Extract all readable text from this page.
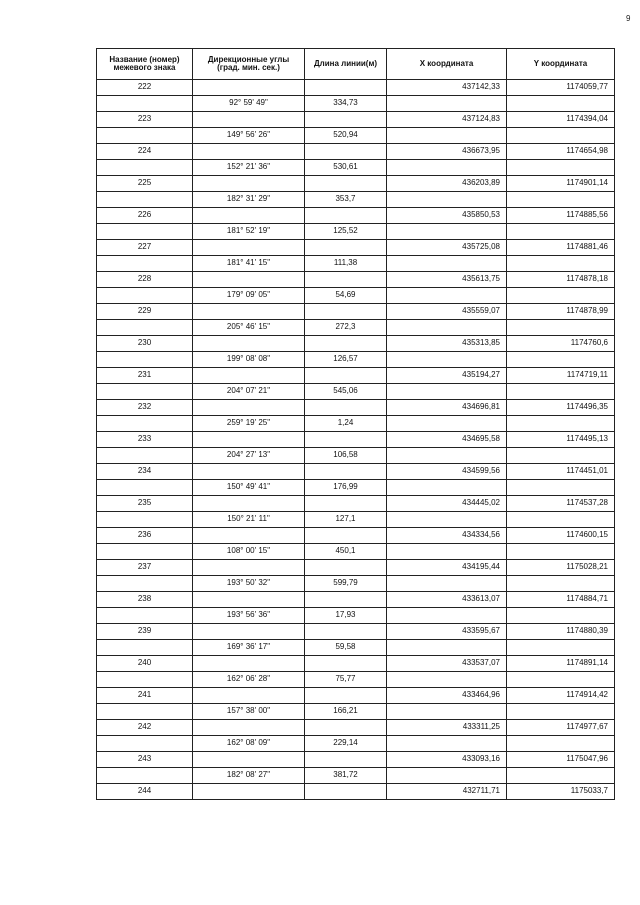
9
Название (номер) межевого знака	Дирекционные углы (град. мин. сек.)	Длина линии(м)	X координата	Y координата
222			437142,33	1174059,77
	92° 59' 49"	334,73		
223			437124,83	1174394,04
	149° 56' 26"	520,94		
224			436673,95	1174654,98
	152° 21' 36"	530,61		
225			436203,89	1174901,14
	182° 31' 29"	353,7		
226			435850,53	1174885,56
	181° 52' 19"	125,52		
227			435725,08	1174881,46
	181° 41' 15"	111,38		
228			435613,75	1174878,18
	179° 09' 05"	54,69		
229			435559,07	1174878,99
	205° 46' 15"	272,3		
230			435313,85	1174760,6
	199° 08' 08"	126,57		
231			435194,27	1174719,11
	204° 07' 21"	545,06		
232			434696,81	1174496,35
	259° 19' 25"	1,24		
233			434695,58	1174495,13
	204° 27' 13"	106,58		
234			434599,56	1174451,01
	150° 49' 41"	176,99		
235			434445,02	1174537,28
	150° 21' 11"	127,1		
236			434334,56	1174600,15
	108° 00' 15"	450,1		
237			434195,44	1175028,21
	193° 50' 32"	599,79		
238			433613,07	1174884,71
	193° 56' 36"	17,93		
239			433595,67	1174880,39
	169° 36' 17"	59,58		
240			433537,07	1174891,14
	162° 06' 28"	75,77		
241			433464,96	1174914,42
	157° 38' 00"	166,21		
242			433311,25	1174977,67
	162° 08' 09"	229,14		
243			433093,16	1175047,96
	182° 08' 27"	381,72		
244			432711,71	1175033,7
